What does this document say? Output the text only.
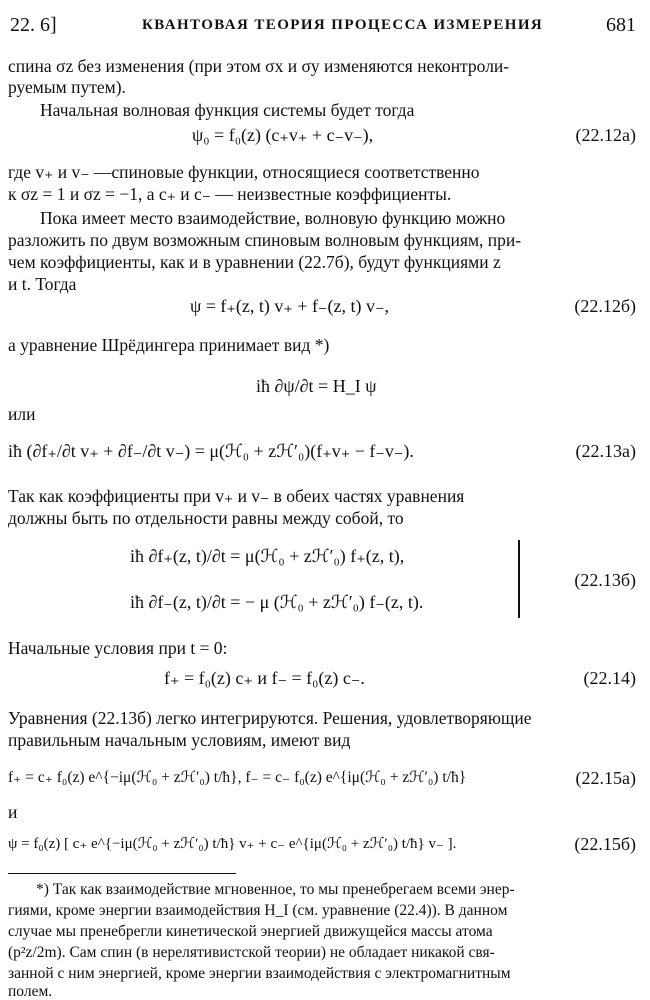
22. 6]	КВАНТОВАЯ ТЕОРИЯ ПРОЦЕССА ИЗМЕРЕНИЯ	681
спина σz без изменения (при этом σx и σy изменяются неконтроли-
руемым путем).
Начальная волновая функция системы будет тогда
ψ₀ = f₀(z) (c₊v₊ + c₋v₋),	(22.12а)
где v₊ и v₋ —спиновые функции, относящиеся соответственно
к σz = 1 и σz = −1, а c₊ и c₋ — неизвестные коэффициенты.
Пока имеет место взаимодействие, волновую функцию можно
разложить по двум возможным спиновым волновым функциям, при-
чем коэффициенты, как и в уравнении (22.7б), будут функциями z
и t. Тогда
ψ = f₊(z, t) v₊ + f₋(z, t) v₋,	(22.12б)
а уравнение Шрёдингера принимает вид *)
iħ ∂ψ/∂t = H_I ψ
или
iħ (∂f₊/∂t v₊ + ∂f₋/∂t v₋) = μ(ℋ₀ + zℋ′₀)(f₊v₊ − f₋v₋).	(22.13а)
Так как коэффициенты при v₊ и v₋ в обеих частях уравнения
должны быть по отдельности равны между собой, то
iħ ∂f₊(z, t)/∂t = μ(ℋ₀ + zℋ′₀) f₊(z, t),
iħ ∂f₋(z, t)/∂t = − μ (ℋ₀ + zℋ′₀) f₋(z, t).
(22.13б)
Начальные условия при t = 0:
f₊ = f₀(z) c₊ и f₋ = f₀(z) c₋.	(22.14)
Уравнения (22.13б) легко интегрируются. Решения, удовлетворяющие
правильным начальным условиям, имеют вид
f₊ = c₊ f₀(z) e^{−iμ(ℋ₀ + zℋ′₀) t/ħ}, f₋ = c₋ f₀(z) e^{iμ(ℋ₀ + zℋ′₀) t/ħ}	(22.15а)
и
ψ = f₀(z) [ c₊ e^{−iμ(ℋ₀ + zℋ′₀) t/ħ} v₊ + c₋ e^{iμ(ℋ₀ + zℋ′₀) t/ħ} v₋ ].	(22.15б)
*) Так как взаимодействие мгновенное, то мы пренебрегаем всеми энер-
гиями, кроме энергии взаимодействия H_I (см. уравнение (22.4)). В данном
случае мы пренебрегли кинетической энергией движущейся массы атома
(p²z/2m). Сам спин (в нерелятивистской теории) не обладает никакой свя-
занной с ним энергией, кроме энергии взаимодействия с электромагнитным
полем.
